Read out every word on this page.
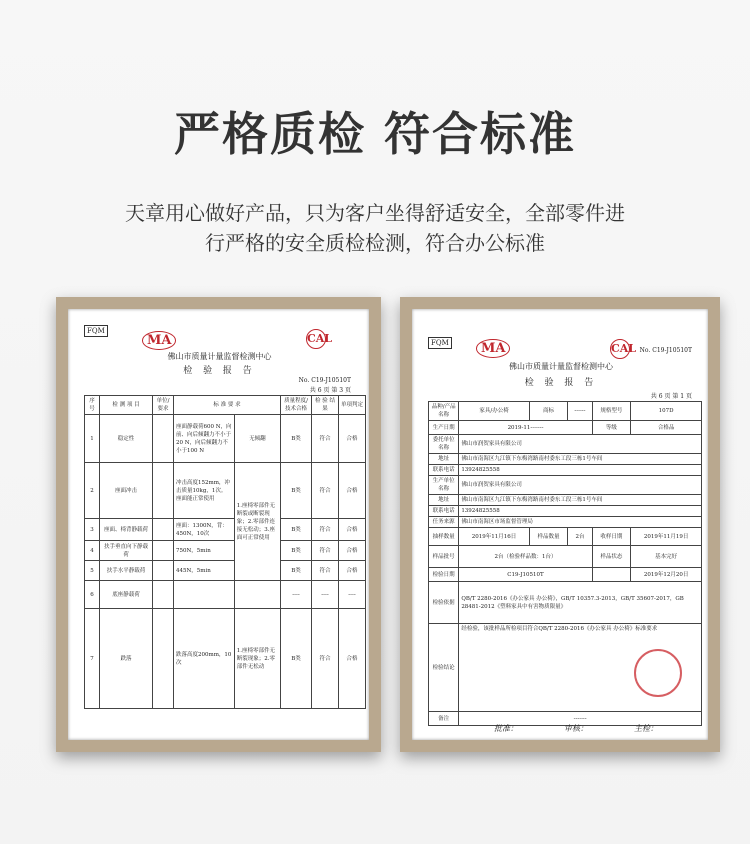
严格质检 符合标准
天章用心做好产品，只为客户坐得舒适安全，全部零件进行严格的安全质检检测，符合办公标准
FQM
MA	CAL
佛山市质量计量监督检测中心
检 验 报 告
No. C19-J10510T
共 6 页 第 3 页
序号	检 测 项 目	单位/要求	标 准 要 求		质量程度/技术合格	检 验 结 果	单项判定
1	稳定性		座面静载荷600 N，向前、向后倾翻力不小于20 N，向后倾翻力不小于100 N	无倾翻	B类	符合	合格
2	座面冲击		冲击高度152mm，冲击质量10kg，1次。座面能正常使用	1.座椅零部件无断裂或断裂现象；2.零部件连接无松动；3.座面可正常使用	B类	符合	合格
3	座面、椅背静载荷		座面：1300N，背：450N，10次		B类	符合	合格
4	扶手垂直向下静载荷		750N，5min		B类	符合	合格
5	扶手水平静载荷		445N，5min		B类	符合	合格
6	底座静载荷				----	----	----
7	跌落		跌落高度200mm，10次	1.座椅零部件无断裂现象；2.零部件无松动	B类	符合	合格
FQM	MA	CAL No. C19-J10510T
佛山市质量计量监督检测中心
检 验 报 告
共 6 页 第 1 页
品种/产品名称	家具/办公椅	商标	------	规格型号	107D
生产日期	2019-11-------			等级	合格品
委托单位 名称	佛山市润贺家具有限公司				
地址	佛山市南海区九江镇下东梅湾路南村委东工段三栋1号车间				
联系电话	13924825558				
生产单位 名称	佛山市润贺家具有限公司				
地址	佛山市南海区九江镇下东梅湾路南村委东工段三栋1号车间				
联系电话	13924825558				
任务来源	佛山市南海区市场监督管理局				
抽样数量	2019年11月16日	样品数量	2台	收样日期	2019年11月19日
样品批号	2台（检验样品数：1台）			样品状态	基本完好
检验日期	C19-J10510T				2019年12月20日
检验依据	QB/T 2280-2016《办公家具 办公椅》，GB/T 10357.3-2013，GB/T 35607-2017，GB 28481-2012《塑料家具中有害物质限量》				
检验结论	经检验，该批样品所检项目符合QB/T 2280-2016《办公家具 办公椅》标准要求				
备注	-------				
批准：	审核：	主检：
